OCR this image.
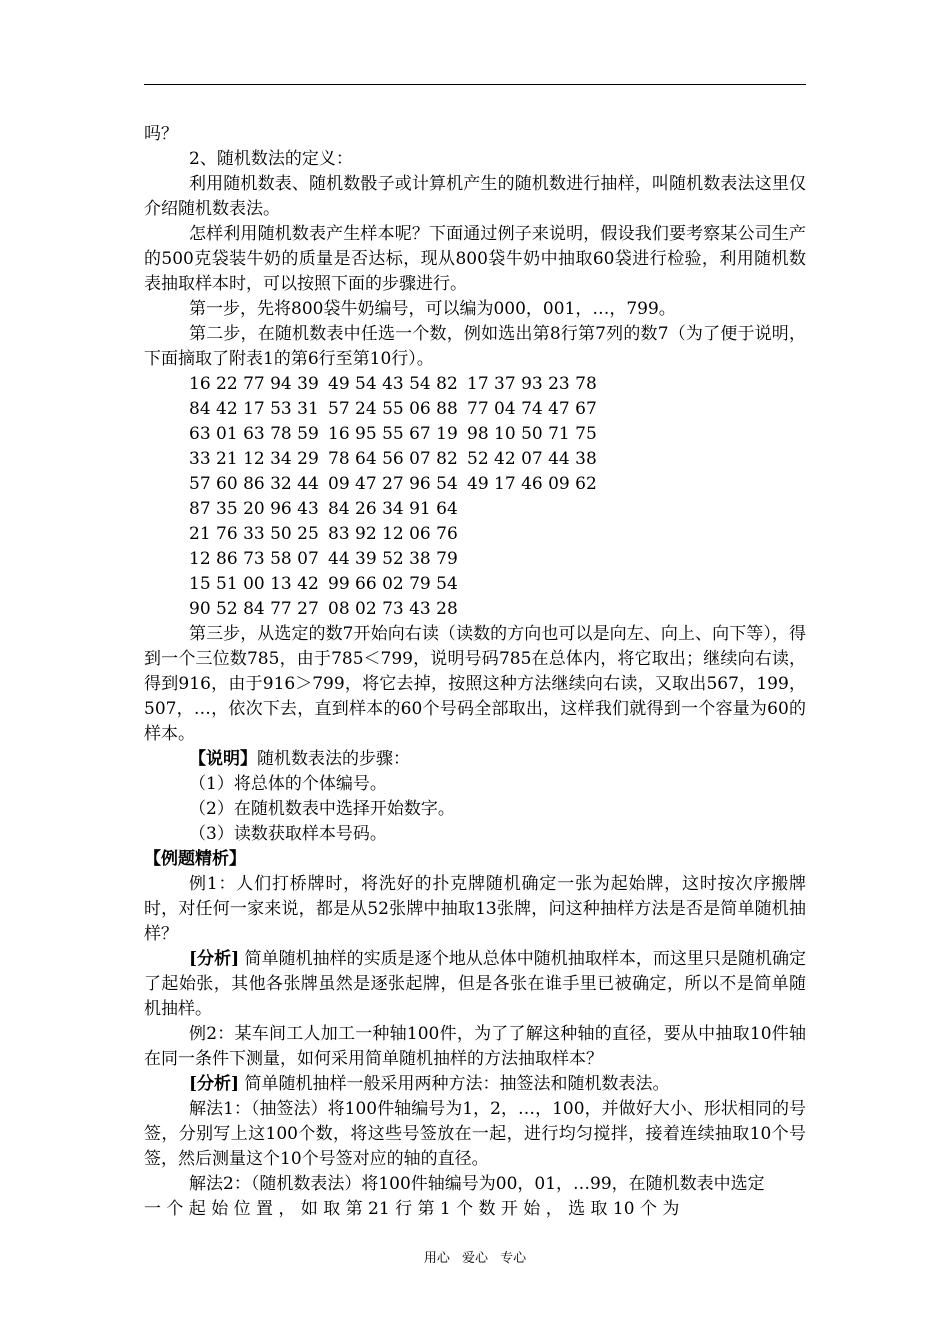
吗？

2、随机数法的定义：

利用随机数表、随机数骰子或计算机产生的随机数进行抽样，叫随机数表法这里仅介绍随机数表法。

怎样利用随机数表产生样本呢？下面通过例子来说明，假设我们要考察某公司生产的500克袋装牛奶的质量是否达标，现从800袋牛奶中抽取60袋进行检验，利用随机数表抽取样本时，可以按照下面的步骤进行。

第一步，先将800袋牛奶编号，可以编为000，001，…，799。

第二步，在随机数表中任选一个数，例如选出第8行第7列的数7（为了便于说明，下面摘取了附表1的第6行至第10行）。

16 22 77 94 39 49 54 43 54 82 17 37 93 23 78
84 42 17 53 31 57 24 55 06 88 77 04 74 47 67
63 01 63 78 59 16 95 55 67 19 98 10 50 71 75
33 21 12 34 29 78 64 56 07 82 52 42 07 44 38
57 60 86 32 44 09 47 27 96 54 49 17 46 09 62
87 35 20 96 43 84 26 34 91 64
21 76 33 50 25 83 92 12 06 76
12 86 73 58 07 44 39 52 38 79
15 51 00 13 42 99 66 02 79 54
90 52 84 77 27 08 02 73 43 28

第三步，从选定的数7开始向右读（读数的方向也可以是向左、向上、向下等），得到一个三位数785，由于785＜799，说明号码785在总体内，将它取出；继续向右读，得到916，由于916＞799，将它去掉，按照这种方法继续向右读，又取出567，199，507，…，依次下去，直到样本的60个号码全部取出，这样我们就得到一个容量为60的样本。

【说明】随机数表法的步骤：

（1）将总体的个体编号。

（2）在随机数表中选择开始数字。

（3）读数获取样本号码。

【例题精析】

例1：人们打桥牌时，将洗好的扑克牌随机确定一张为起始牌，这时按次序搬牌时，对任何一家来说，都是从52张牌中抽取13张牌，问这种抽样方法是否是简单随机抽样？

[分析] 简单随机抽样的实质是逐个地从总体中随机抽取样本，而这里只是随机确定了起始张，其他各张牌虽然是逐张起牌，但是各张在谁手里已被确定，所以不是简单随机抽样。

例2：某车间工人加工一种轴100件，为了了解这种轴的直径，要从中抽取10件轴在同一条件下测量，如何采用简单随机抽样的方法抽取样本？

[分析] 简单随机抽样一般采用两种方法：抽签法和随机数表法。

解法1：（抽签法）将100件轴编号为1，2，…，100，并做好大小、形状相同的号签，分别写上这100个数，将这些号签放在一起，进行均匀搅拌，接着连续抽取10个号签，然后测量这个10个号签对应的轴的直径。

解法2：（随机数表法）将100件轴编号为00，01，…99，在随机数表中选定

一 个 起 始 位 置 ， 如 取 第 21 行 第 1 个 数 开 始 ， 选 取 10 个 为

用心 爱心 专心
